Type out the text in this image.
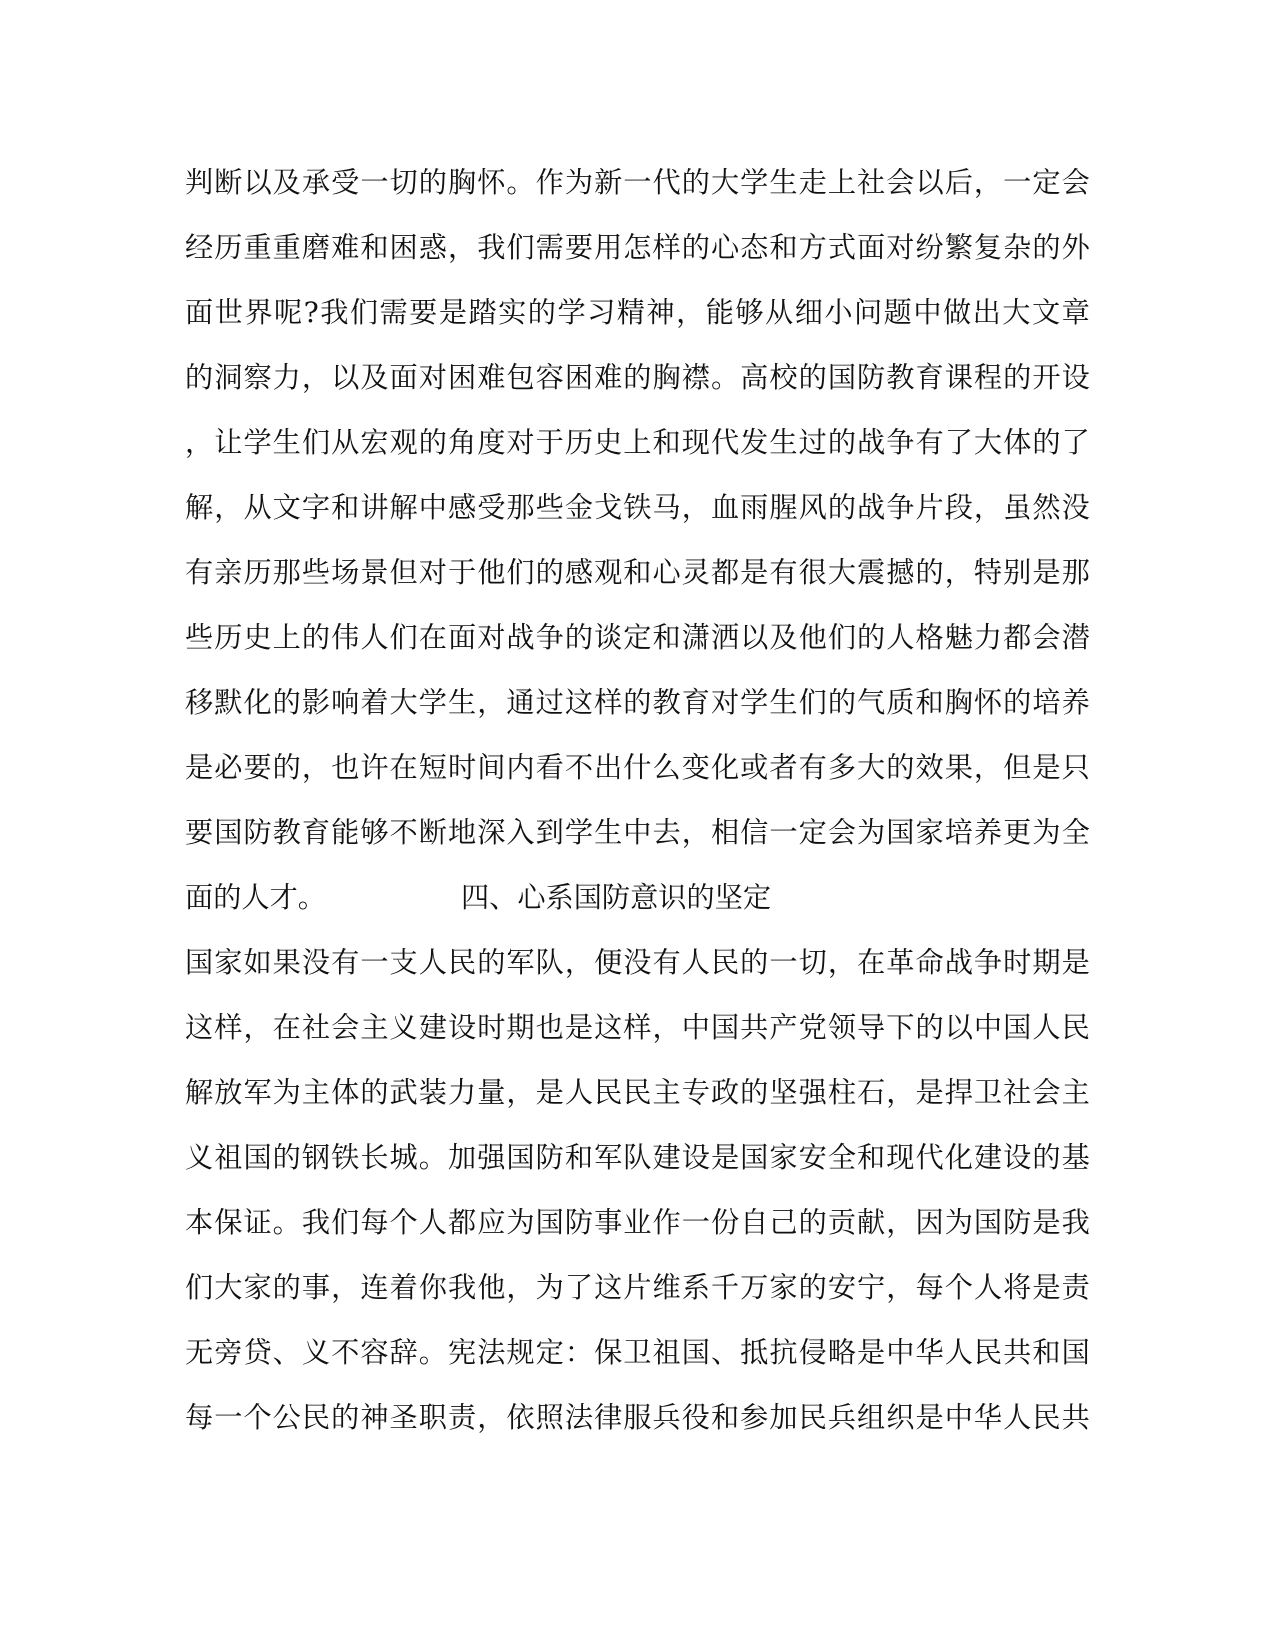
判 断 以 及 承 受 一 切 的 胸 怀 。 作 为 新 一 代 的 大 学 生 走 上 社 会 以 后 ， 一 定 会
经 历 重 重 磨 难 和 困 惑 ， 我 们 需 要 用 怎 样 的 心 态 和 方 式 面 对 纷 繁 复 杂 的 外
面 世 界 呢 ? 我 们 需 要 是 踏 实 的 学 习 精 神 ， 能 够 从 细 小 问 题 中 做 出 大 文 章
的 洞 察 力 ， 以 及 面 对 困 难 包 容 困 难 的 胸 襟 。 高 校 的 国 防 教 育 课 程 的 开 设
， 让 学 生 们 从 宏 观 的 角 度 对 于 历 史 上 和 现 代 发 生 过 的 战 争 有 了 大 体 的 了
解 ， 从 文 字 和 讲 解 中 感 受 那 些 金 戈 铁 马 ， 血 雨 腥 风 的 战 争 片 段 ， 虽 然 没
有 亲 历 那 些 场 景 但 对 于 他 们 的 感 观 和 心 灵 都 是 有 很 大 震 撼 的 ， 特 别 是 那
些 历 史 上 的 伟 人 们 在 面 对 战 争 的 谈 定 和 潇 洒 以 及 他 们 的 人 格 魅 力 都 会 潜
移 默 化 的 影 响 着 大 学 生 ， 通 过 这 样 的 教 育 对 学 生 们 的 气 质 和 胸 怀 的 培 养
是 必 要 的 ， 也 许 在 短 时 间 内 看 不 出 什 么 变 化 或 者 有 多 大 的 效 果 ， 但 是 只
要 国 防 教 育 能 够 不 断 地 深 入 到 学 生 中 去 ， 相 信 一 定 会 为 国 家 培 养 更 为 全
面的人才。	四、心系国防意识的坚定
国 家 如 果 没 有 一 支 人 民 的 军 队 ， 便 没 有 人 民 的 一 切 ， 在 革 命 战 争 时 期 是
这 样 ， 在 社 会 主 义 建 设 时 期 也 是 这 样 ， 中 国 共 产 党 领 导 下 的 以 中 国 人 民
解 放 军 为 主 体 的 武 装 力 量 ， 是 人 民 民 主 专 政 的 坚 强 柱 石 ， 是 捍 卫 社 会 主
义 祖 国 的 钢 铁 长 城 。 加 强 国 防 和 军 队 建 设 是 国 家 安 全 和 现 代 化 建 设 的 基
本 保 证 。 我 们 每 个 人 都 应 为 国 防 事 业 作 一 份 自 己 的 贡 献 ， 因 为 国 防 是 我
们 大 家 的 事 ， 连 着 你 我 他 ， 为 了 这 片 维 系 千 万 家 的 安 宁 ， 每 个 人 将 是 责
无 旁 贷 、 义 不 容 辞 。 宪 法 规 定 ： 保 卫 祖 国 、 抵 抗 侵 略 是 中 华 人 民 共 和 国
每 一 个 公 民 的 神 圣 职 责 ， 依 照 法 律 服 兵 役 和 参 加 民 兵 组 织 是 中 华 人 民 共
